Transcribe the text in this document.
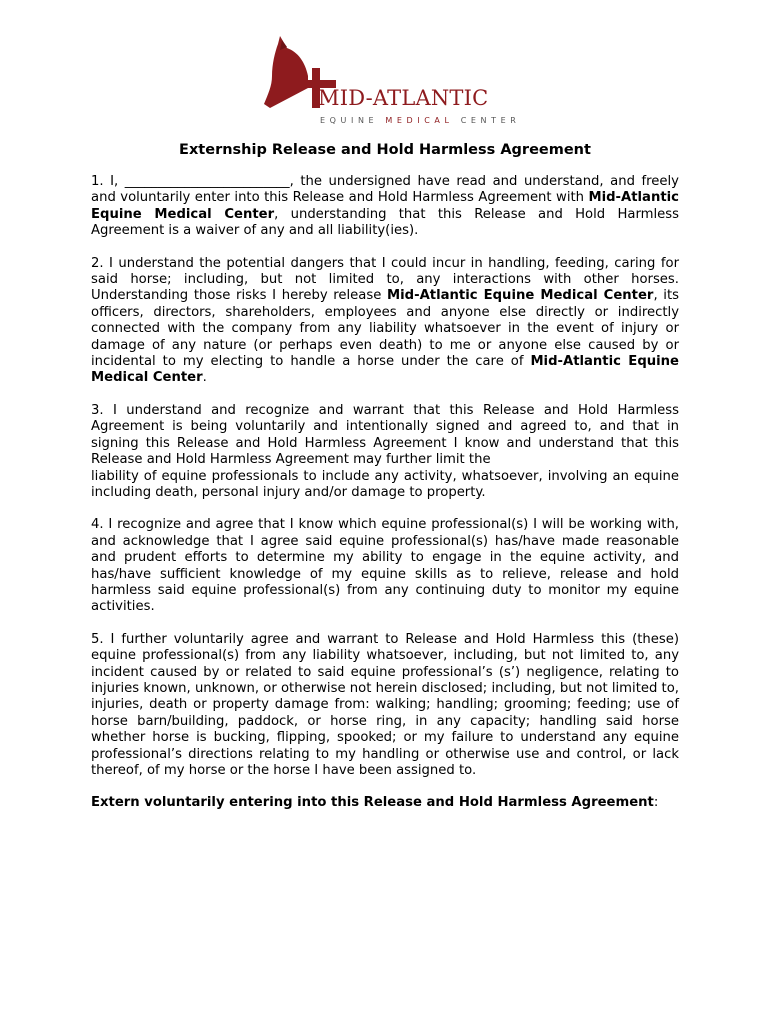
MID-ATLANTIC
EQUINE MEDICAL CENTER
Externship Release and Hold Harmless Agreement

1. I, _________________________, the undersigned have read and understand, and freely and voluntarily enter into this Release and Hold Harmless Agreement with Mid-Atlantic Equine Medical Center, understanding that this Release and Hold Harmless Agreement is a waiver of any and all liability(ies).

2. I understand the potential dangers that I could incur in handling, feeding, caring for said horse; including, but not limited to, any interactions with other horses. Understanding those risks I hereby release Mid-Atlantic Equine Medical Center, its officers, directors, shareholders, employees and anyone else directly or indirectly connected with the company from any liability whatsoever in the event of injury or damage of any nature (or perhaps even death) to me or anyone else caused by or incidental to my electing to handle a horse under the care of Mid-Atlantic Equine Medical Center.

3. I understand and recognize and warrant that this Release and Hold Harmless Agreement is being voluntarily and intentionally signed and agreed to, and that in signing this Release and Hold Harmless Agreement I know and understand that this Release and Hold Harmless Agreement may further limit the
liability of equine professionals to include any activity, whatsoever, involving an equine including death, personal injury and/or damage to property.

4. I recognize and agree that I know which equine professional(s) I will be working with, and acknowledge that I agree said equine professional(s) has/have made reasonable and prudent efforts to determine my ability to engage in the equine activity, and has/have sufficient knowledge of my equine skills as to relieve, release and hold harmless said equine professional(s) from any continuing duty to monitor my equine activities.

5. I further voluntarily agree and warrant to Release and Hold Harmless this (these) equine professional(s) from any liability whatsoever, including, but not limited to, any incident caused by or related to said equine professional’s (s’) negligence, relating to injuries known, unknown, or otherwise not herein disclosed; including, but not limited to, injuries, death or property damage from: walking; handling; grooming; feeding; use of horse barn/building, paddock, or horse ring, in any capacity; handling said horse whether horse is bucking, flipping, spooked; or my failure to understand any equine professional’s directions relating to my handling or otherwise use and control, or lack thereof, of my horse or the horse I have been assigned to.

Extern voluntarily entering into this Release and Hold Harmless Agreement:
